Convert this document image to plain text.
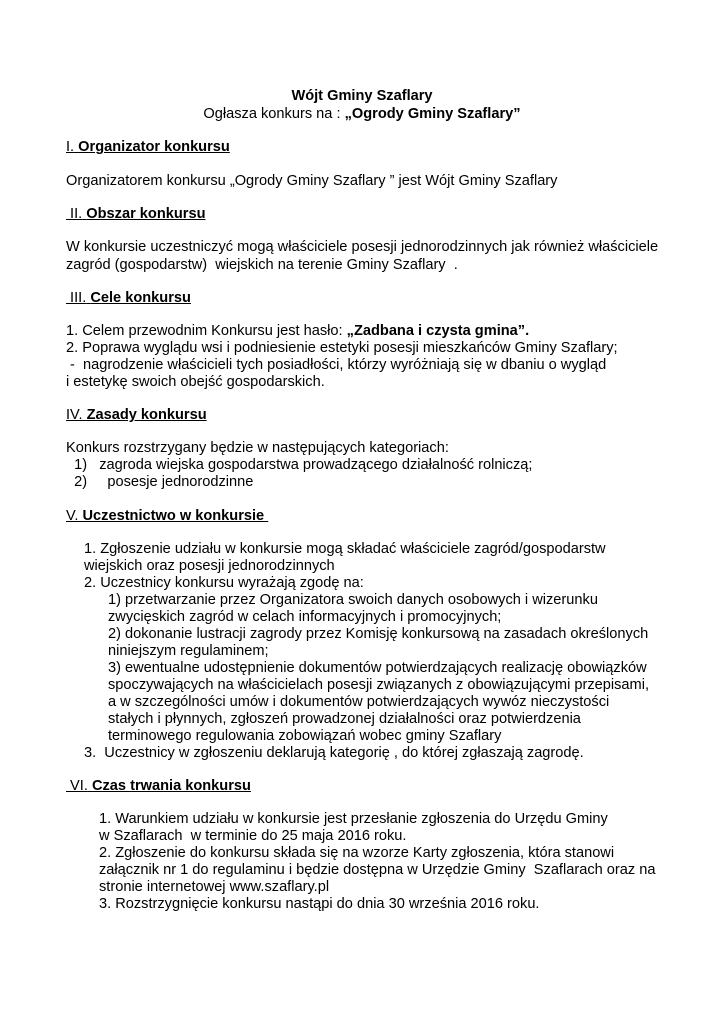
Wójt Gminy Szaflary
Ogłasza konkurs na : „Ogrody Gminy Szaflary”
I. Organizator konkursu
Organizatorem konkursu „Ogrody Gminy Szaflary ” jest Wójt Gminy Szaflary
II. Obszar konkursu
W konkursie uczestniczyć mogą właściciele posesji jednorodzinnych jak również właściciele
zagród (gospodarstw)  wiejskich na terenie Gminy Szaflary  .
III. Cele konkursu
1. Celem przewodnim Konkursu jest hasło: „Zadbana i czysta gmina”.
2. Poprawa wyglądu wsi i podniesienie estetyki posesji mieszkańców Gminy Szaflary;
-  nagrodzenie właścicieli tych posiadłości, którzy wyróżniają się w dbaniu o wygląd
i estetykę swoich obejść gospodarskich.
IV. Zasady konkursu
Konkurs rozstrzygany będzie w następujących kategoriach:
1)   zagroda wiejska gospodarstwa prowadzącego działalność rolniczą;
2)     posesje jednorodzinne
V. Uczestnictwo w konkursie
1. Zgłoszenie udziału w konkursie mogą składać właściciele zagród/gospodarstw
wiejskich oraz posesji jednorodzinnych
2. Uczestnicy konkursu wyrażają zgodę na:
1) przetwarzanie przez Organizatora swoich danych osobowych i wizerunku
zwycięskich zagród w celach informacyjnych i promocyjnych;
2) dokonanie lustracji zagrody przez Komisję konkursową na zasadach określonych
niniejszym regulaminem;
3) ewentualne udostępnienie dokumentów potwierdzających realizację obowiązków
spoczywających na właścicielach posesji związanych z obowiązującymi przepisami,
a w szczególności umów i dokumentów potwierdzających wywóz nieczystości
stałych i płynnych, zgłoszeń prowadzonej działalności oraz potwierdzenia
terminowego regulowania zobowiązań wobec gminy Szaflary
3.  Uczestnicy w zgłoszeniu deklarują kategorię , do której zgłaszają zagrodę.
VI. Czas trwania konkursu
1. Warunkiem udziału w konkursie jest przesłanie zgłoszenia do Urzędu Gminy
w Szaflarach  w terminie do 25 maja 2016 roku.
2. Zgłoszenie do konkursu składa się na wzorze Karty zgłoszenia, która stanowi
załącznik nr 1 do regulaminu i będzie dostępna w Urzędzie Gminy  Szaflarach oraz na
stronie internetowej www.szaflary.pl
3. Rozstrzygnięcie konkursu nastąpi do dnia 30 września 2016 roku.
